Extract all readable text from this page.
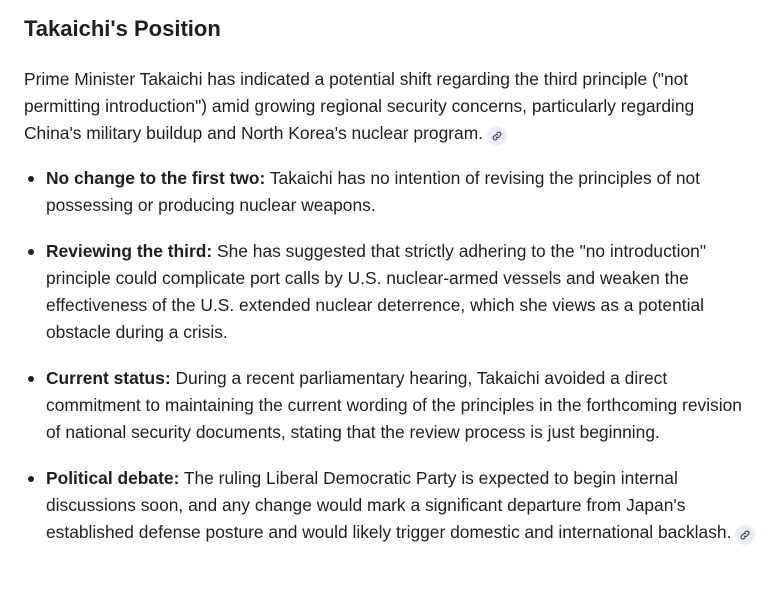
Takaichi's Position

Prime Minister Takaichi has indicated a potential shift regarding the third principle ("not permitting introduction") amid growing regional security concerns, particularly regarding China's military buildup and North Korea's nuclear program.

No change to the first two: Takaichi has no intention of revising the principles of not possessing or producing nuclear weapons.
Reviewing the third: She has suggested that strictly adhering to the "no introduction" principle could complicate port calls by U.S. nuclear-armed vessels and weaken the effectiveness of the U.S. extended nuclear deterrence, which she views as a potential obstacle during a crisis.
Current status: During a recent parliamentary hearing, Takaichi avoided a direct commitment to maintaining the current wording of the principles in the forthcoming revision of national security documents, stating that the review process is just beginning.
Political debate: The ruling Liberal Democratic Party is expected to begin internal discussions soon, and any change would mark a significant departure from Japan's established defense posture and would likely trigger domestic and international backlash.
